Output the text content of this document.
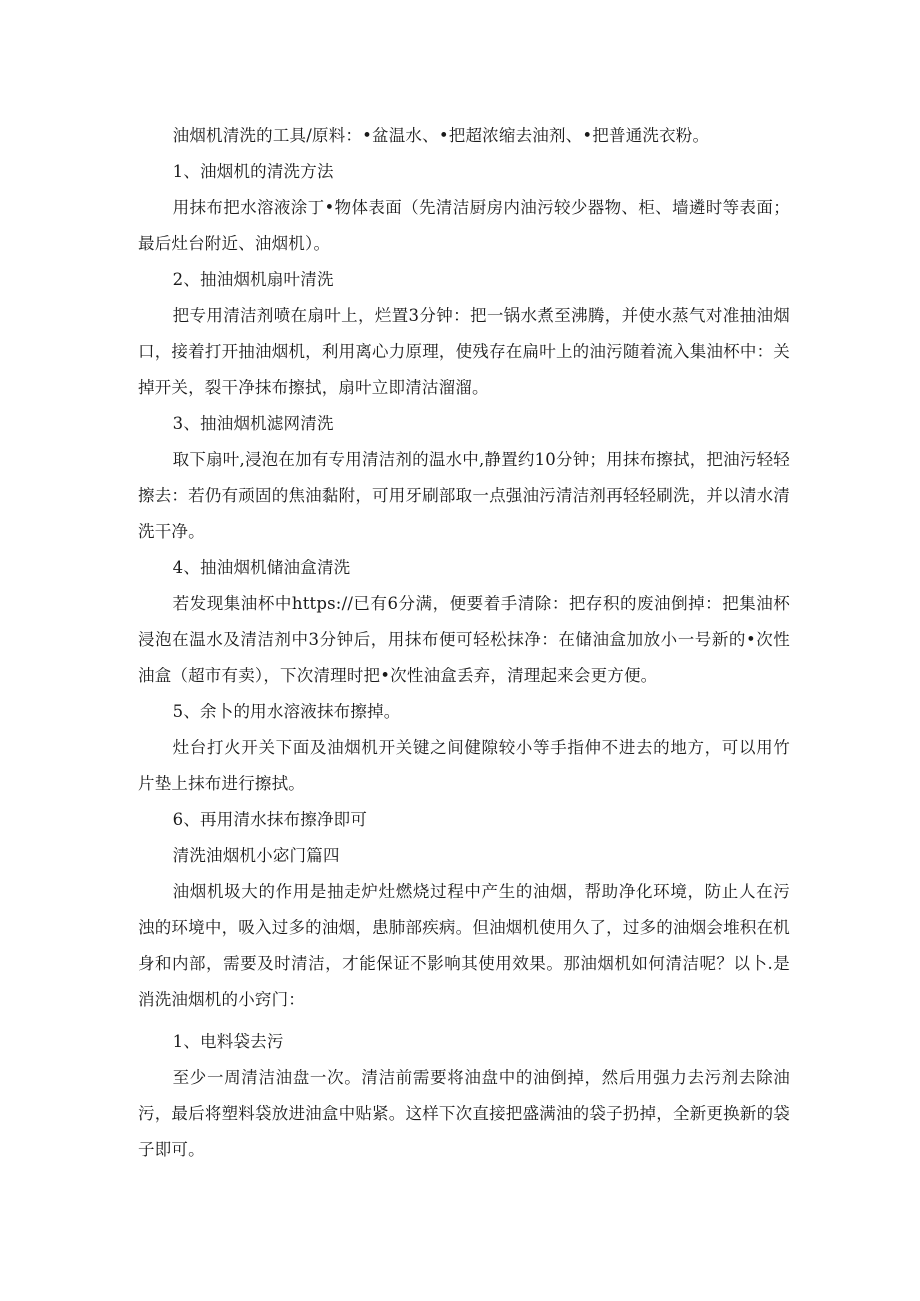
油烟机清洗的工具/原料：•盆温水、•把超浓缩去油剂、•把普通洗衣粉。

1、油烟机的清洗方法

用抹布把水溶液涂丁•物体表面（先清洁厨房内油污较少器物、柜、墙遴时等表面；最后灶台附近、油烟机）。

2、抽油烟机扇叶清洗

把专用清洁剂喷在扇叶上，烂置3分钟：把一锅水煮至沸腾，并使水蒸气对准抽油烟口，接着打开抽油烟机，利用离心力原理，使残存在扁叶上的油污随着流入集油杯中：关掉开关，裂干净抹布擦拭，扇叶立即清沽溜溜。

3、抽油烟机滤网清洗

取下扇叶,浸泡在加有专用清洁剂的温水中,静置约10分钟；用抹布擦拭，把油污轻轻擦去：若仍有顽固的焦油黏附，可用牙刷部取一点强油污清洁剂再轻轻刷洗，并以清水清洗干净。

4、抽油烟机储油盒清洗

若发现集油杯中https://已有6分满，便要着手清除：把存积的废油倒掉：把集油杯浸泡在温水及清洁剂中3分钟后，用抹布便可轻松抹净：在储油盒加放小一号新的•次性油盒（超市有卖），下次清理时把•次性油盒丢弃，清理起来会更方便。

5、余卜的用水溶液抹布擦掉。

灶台打火开关下面及油烟机开关键之间健隙较小等手指伸不进去的地方，可以用竹片垫上抹布进行擦拭。

6、再用清水抹布擦净即可

清洗油烟机小宓门篇四

油烟机圾大的作用是抽走炉灶燃烧过程中产生的油烟，帮助净化环境，防止人在污浊的环境中，吸入过多的油烟，患肺部疾病。但油烟机使用久了，过多的油烟会堆积在机身和内部，需要及时清洁，才能保证不影响其使用效果。那油烟机如何清洁呢？以卜.是消洗油烟机的小窍门：

1、电料袋去污

至少一周清洁油盘一次。清洁前需要将油盘中的油倒掉，然后用强力去污剂去除油污，最后将塑料袋放进油盒中贴紧。这样下次直接把盛满油的袋子扔掉，全新更换新的袋子即可。
